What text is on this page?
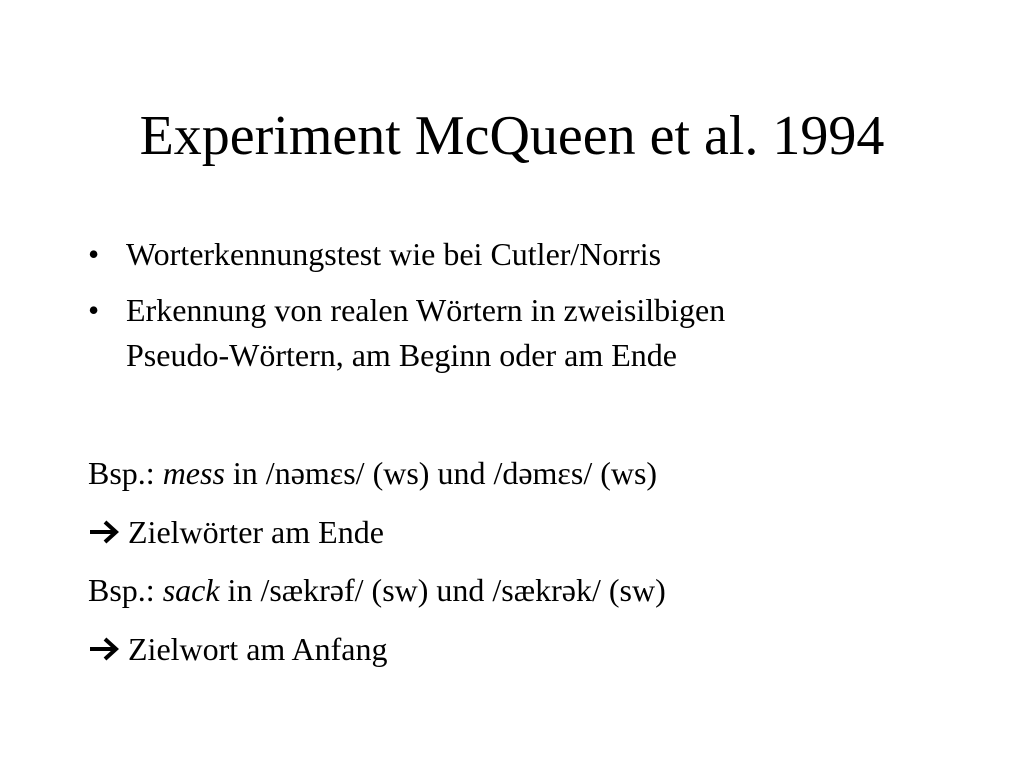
Experiment McQueen et al. 1994
• Worterkennungstest wie bei Cutler/Norris
• Erkennung von realen Wörtern in zweisilbigen
Pseudo-Wörtern, am Beginn oder am Ende
Bsp.: mess in /nəmɛs/ (ws) und /dəmɛs/ (ws)
Zielwörter am Ende
Bsp.: sack in /sækrəf/ (sw) und /sækrək/ (sw)
Zielwort am Anfang
